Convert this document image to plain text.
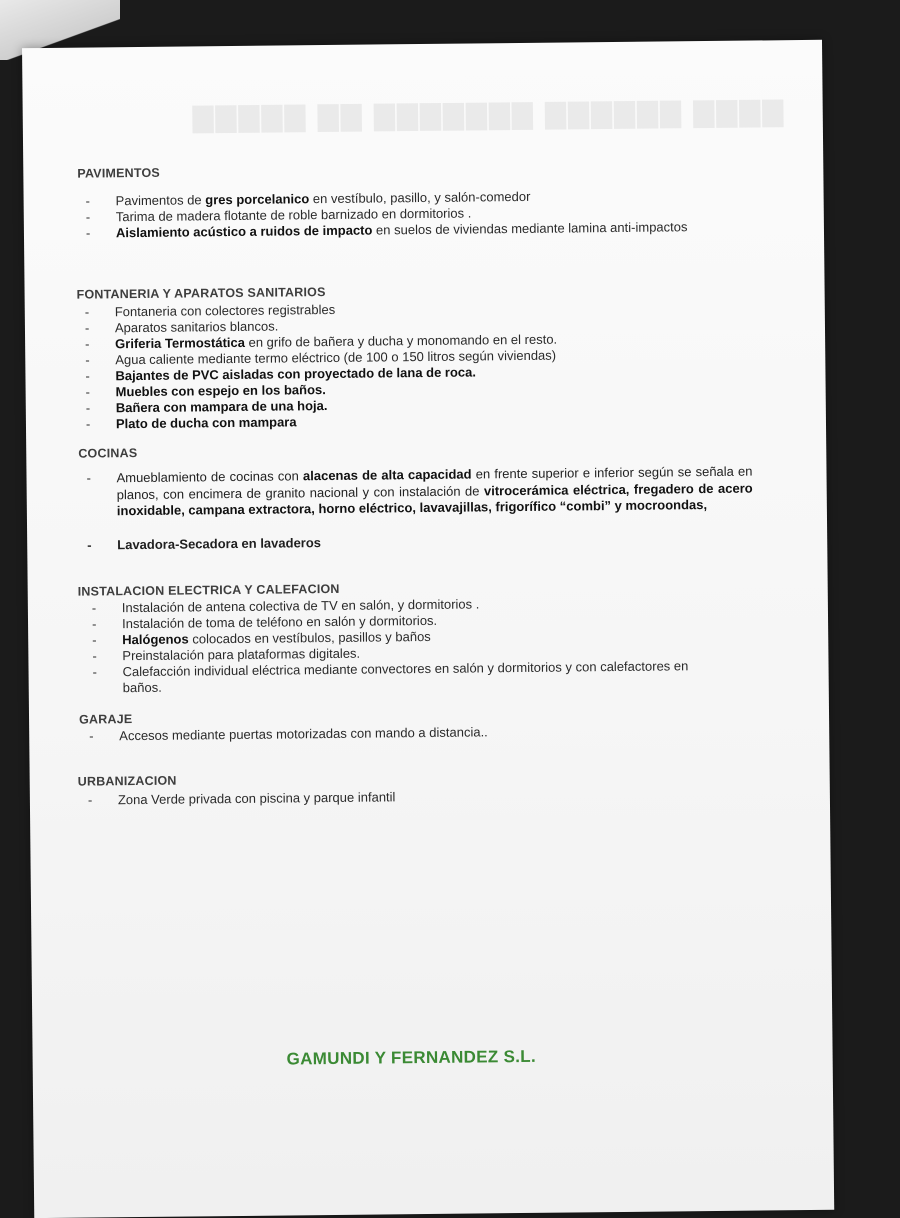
▇▇▇▇ ▇▇▇▇▇▇ ▇▇▇▇▇▇▇ ▇▇ ▇▇▇▇▇
PAVIMENTOS
- Pavimentos de gres porcelanico en vestíbulo, pasillo, y salón-comedor
- Tarima de madera flotante de roble barnizado en dormitorios .
- Aislamiento acústico a ruidos de impacto en suelos de viviendas mediante lamina anti-impactos
FONTANERIA Y APARATOS SANITARIOS
- Fontaneria con colectores registrables
- Aparatos sanitarios blancos.
- Griferia Termostática en grifo de bañera y ducha y monomando en el resto.
- Agua caliente mediante termo eléctrico (de 100 o 150 litros según viviendas)
- Bajantes de PVC aisladas con proyectado de lana de roca.
- Muebles con espejo en los baños.
- Bañera con mampara de una hoja.
- Plato de ducha con mampara
COCINAS
- Amueblamiento de cocinas con alacenas de alta capacidad en frente superior e inferior según se señala en planos, con encimera de granito nacional y con instalación de vitrocerámica eléctrica, fregadero de acero inoxidable, campana extractora, horno eléctrico, lavavajillas, frigorífico “combi” y mocroondas,
- Lavadora-Secadora en lavaderos
INSTALACION ELECTRICA Y CALEFACION
- Instalación de antena colectiva de TV en salón, y dormitorios .
- Instalación de toma de teléfono en salón y dormitorios.
- Halógenos colocados en vestíbulos, pasillos y baños
- Preinstalación para plataformas digitales.
- Calefacción individual eléctrica mediante convectores en salón y dormitorios y con calefactores en
baños.
GARAJE
- Accesos mediante puertas motorizadas con mando a distancia..
URBANIZACION
- Zona Verde privada con piscina y parque infantil
GAMUNDI Y FERNANDEZ S.L.
